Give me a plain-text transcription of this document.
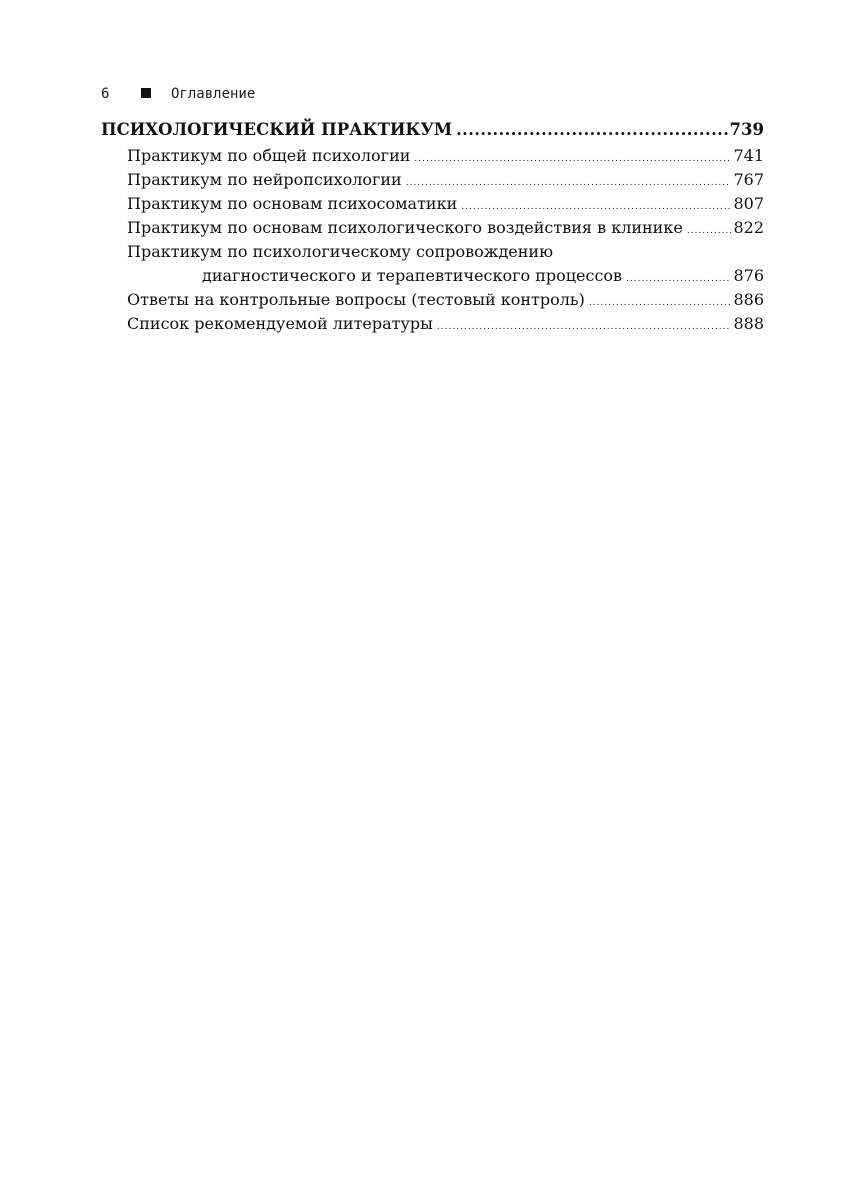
6	Оглавление
ПСИХОЛОГИЧЕСКИЙ ПРАКТИКУМ .....	739
Практикум по общей психологии .....	741
Практикум по нейропсихологии .....	767
Практикум по основам психосоматики .....	807
Практикум по основам психологического воздействия в клинике .....	822
Практикум по психологическому сопровождению
диагностического и терапевтического процессов .....	876
Ответы на контрольные вопросы (тестовый контроль) .....	886
Список рекомендуемой литературы .....	888
